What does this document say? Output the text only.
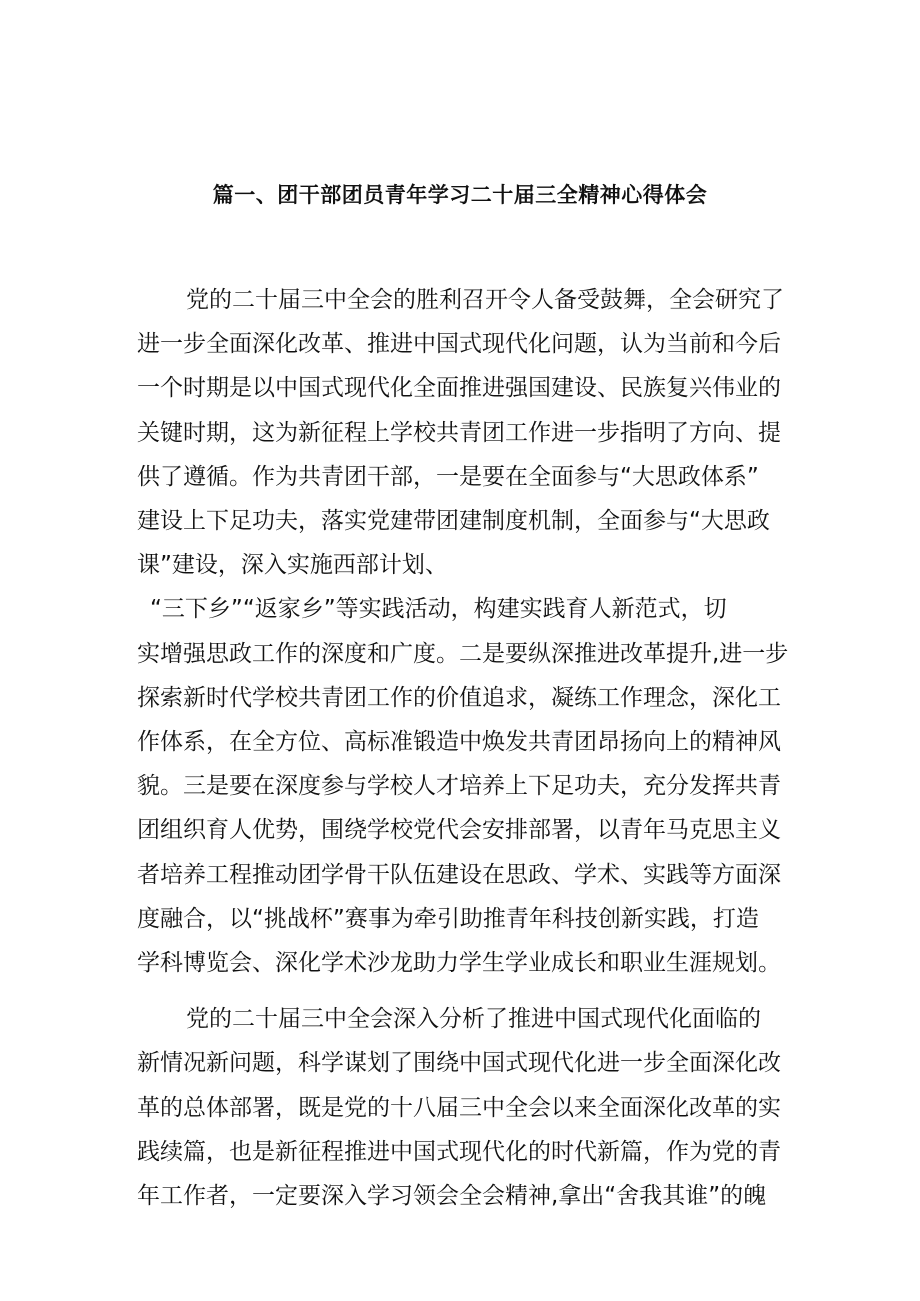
篇一、团干部团员青年学习二十届三全精神心得体会
党的二十届三中全会的胜利召开令人备受鼓舞，全会研究了
进一步全面深化改革、推进中国式现代化问题，认为当前和今后
一个时期是以中国式现代化全面推进强国建设、民族复兴伟业的
关键时期，这为新征程上学校共青团工作进一步指明了方向、提
供了遵循。作为共青团干部，一是要在全面参与“大思政体系”
建设上下足功夫，落实党建带团建制度机制，全面参与“大思政
课”建设，深入实施西部计划、
“三下乡”“返家乡”等实践活动，构建实践育人新范式，切
实增强思政工作的深度和广度。二是要纵深推进改革提升,进一步
探索新时代学校共青团工作的价值追求，凝练工作理念，深化工
作体系，在全方位、高标准锻造中焕发共青团昂扬向上的精神风
貌。三是要在深度参与学校人才培养上下足功夫，充分发挥共青
团组织育人优势，围绕学校党代会安排部署，以青年马克思主义
者培养工程推动团学骨干队伍建设在思政、学术、实践等方面深
度融合，以“挑战杯”赛事为牵引助推青年科技创新实践，打造
学科博览会、深化学术沙龙助力学生学业成长和职业生涯规划。
党的二十届三中全会深入分析了推进中国式现代化面临的
新情况新问题，科学谋划了围绕中国式现代化进一步全面深化改
革的总体部署，既是党的十八届三中全会以来全面深化改革的实
践续篇，也是新征程推进中国式现代化的时代新篇，作为党的青
年工作者，一定要深入学习领会全会精神,拿出“舍我其谁”的魄
